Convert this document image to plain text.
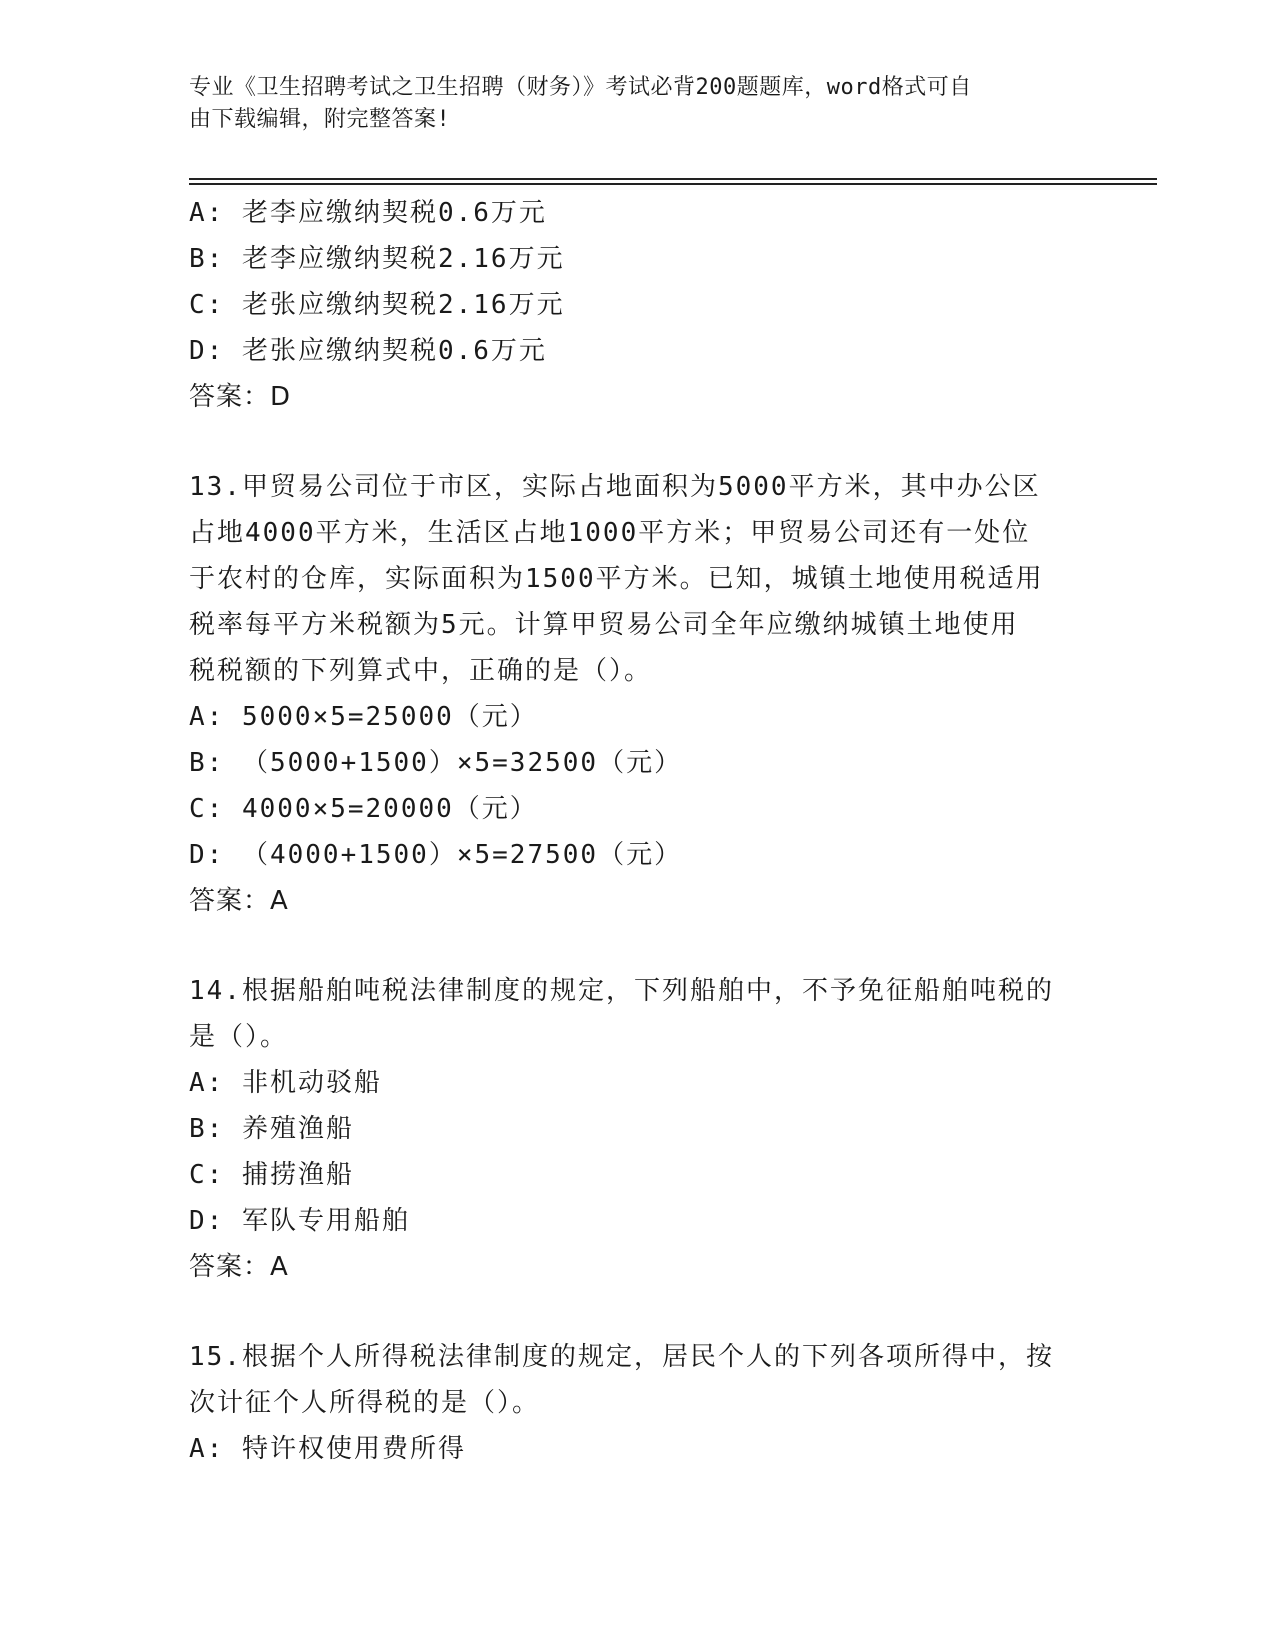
专业《卫生招聘考试之卫生招聘（财务）》考试必背200题题库，word格式可自
由下载编辑，附完整答案!
A: 老李应缴纳契税0.6万元
B: 老李应缴纳契税2.16万元
C: 老张应缴纳契税2.16万元
D: 老张应缴纳契税0.6万元
答案：D
13.甲贸易公司位于市区，实际占地面积为5000平方米，其中办公区
占地4000平方米，生活区占地1000平方米；甲贸易公司还有一处位
于农村的仓库，实际面积为1500平方米。已知，城镇土地使用税适用
税率每平方米税额为5元。计算甲贸易公司全年应缴纳城镇土地使用
税税额的下列算式中，正确的是（）。
A: 5000×5=25000（元）
B: （5000+1500）×5=32500（元）
C: 4000×5=20000（元）
D: （4000+1500）×5=27500（元）
答案：A
14.根据船舶吨税法律制度的规定，下列船舶中，不予免征船舶吨税的
是（）。
A: 非机动驳船
B: 养殖渔船
C: 捕捞渔船
D: 军队专用船舶
答案：A
15.根据个人所得税法律制度的规定，居民个人的下列各项所得中，按
次计征个人所得税的是（）。
A: 特许权使用费所得
